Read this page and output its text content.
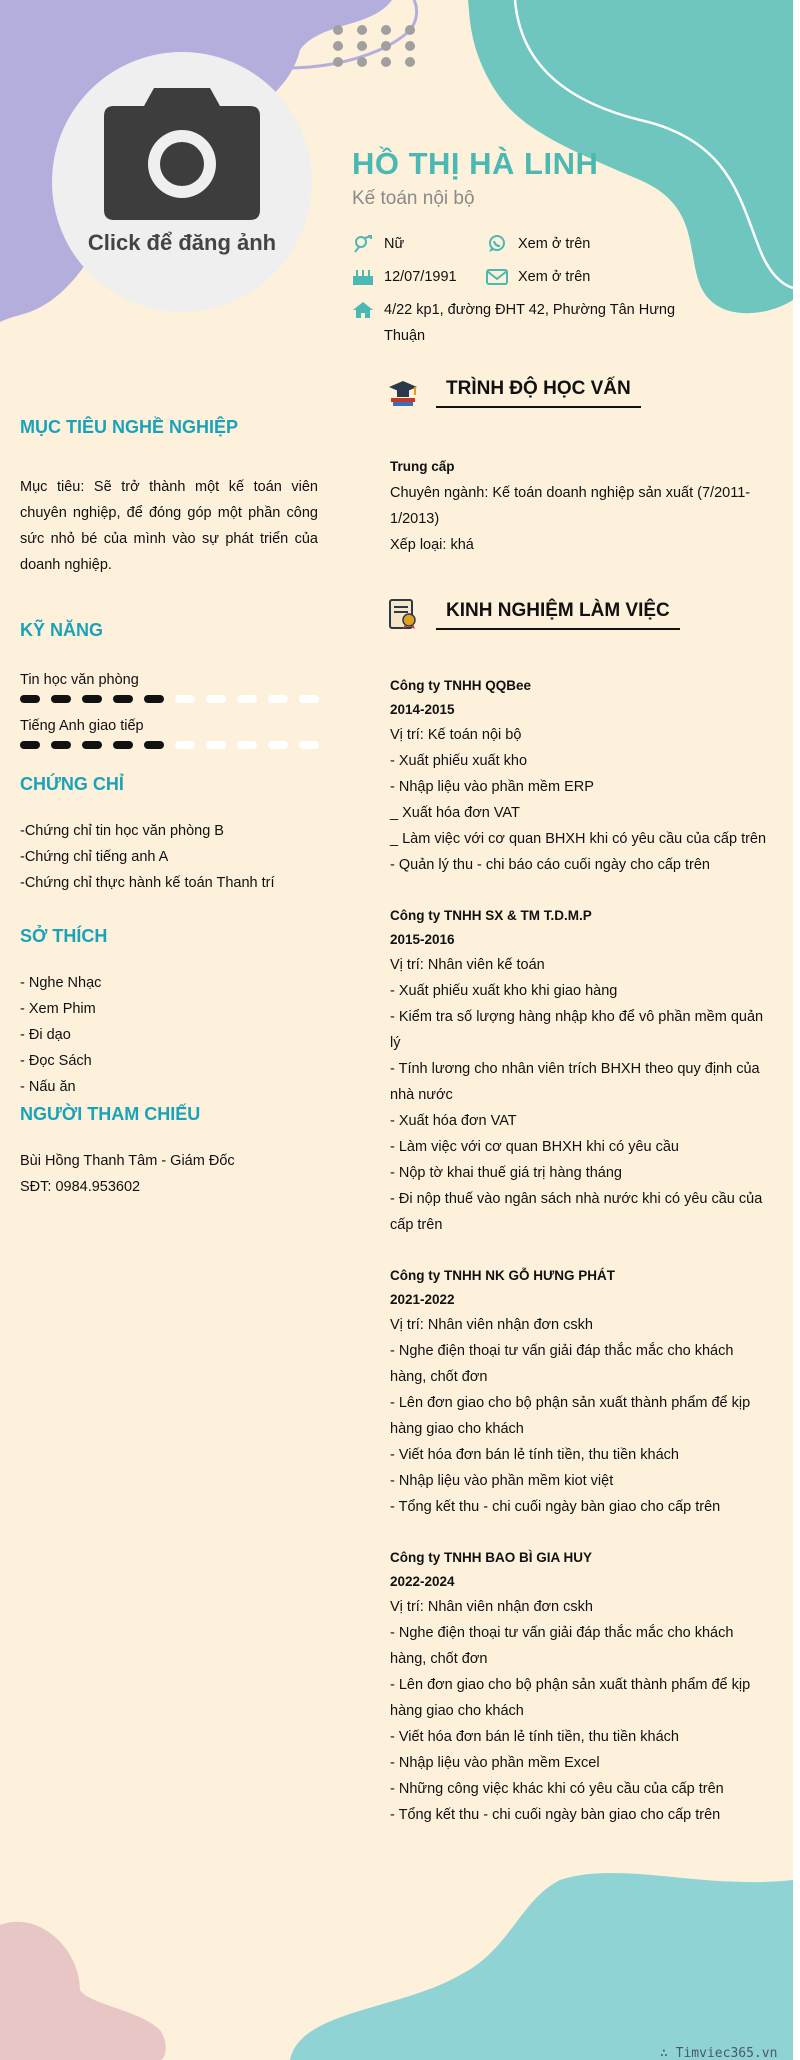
Click để đăng ảnh
HỒ THỊ HÀ LINH
Kế toán nội bộ
Nữ	Xem ở trên
12/07/1991	Xem ở trên
4/22 kp1, đường ĐHT 42, Phường Tân Hưng Thuận
MỤC TIÊU NGHỀ NGHIỆP
Mục tiêu: Sẽ trở thành một kế toán viên chuyên nghiệp, để đóng góp một phần công sức nhỏ bé của mình vào sự phát triển của doanh nghiệp.
KỸ NĂNG
Tin học văn phòng
Tiếng Anh giao tiếp
CHỨNG CHỈ
-Chứng chỉ tin học văn phòng B
-Chứng chỉ tiếng anh A
-Chứng chỉ thực hành kế toán Thanh trí
SỞ THÍCH
- Nghe Nhạc
- Xem Phim
- Đi dạo
- Đọc Sách
- Nấu ăn
NGƯỜI THAM CHIẾU
Bùi Hồng Thanh Tâm - Giám Đốc
SĐT: 0984.953602
TRÌNH ĐỘ HỌC VẤN
Trung cấp
Chuyên ngành: Kế toán doanh nghiệp sản xuất (7/2011-1/2013)
Xếp loại: khá
KINH NGHIỆM LÀM VIỆC
Công ty TNHH QQBee
2014-2015
Vị trí: Kế toán nội bộ
- Xuất phiếu xuất kho
- Nhập liệu vào phần mềm ERP
_ Xuất hóa đơn VAT
_ Làm việc với cơ quan BHXH khi có yêu cầu của cấp trên
- Quản lý thu - chi báo cáo cuối ngày cho cấp trên
Công ty TNHH SX & TM T.D.M.P
2015-2016
Vị trí: Nhân viên kế toán
- Xuất phiếu xuất kho khi giao hàng
- Kiểm tra số lượng hàng nhập kho để vô phần mềm quản lý
- Tính lương cho nhân viên trích BHXH theo quy định của nhà nước
- Xuất hóa đơn VAT
- Làm việc với cơ quan BHXH khi có yêu cầu
- Nộp tờ khai thuế giá trị hàng tháng
- Đi nộp thuế vào ngân sách nhà nước khi có yêu cầu của cấp trên
Công ty TNHH NK GỖ HƯNG PHÁT
2021-2022
Vị trí: Nhân viên nhận đơn cskh
- Nghe điện thoại tư vấn giải đáp thắc mắc cho khách hàng, chốt đơn
- Lên đơn giao cho bộ phận sản xuất thành phẩm để kịp hàng giao cho khách
- Viết hóa đơn bán lẻ tính tiền, thu tiền khách
- Nhập liệu vào phần mềm kiot việt
- Tổng kết thu - chi cuối ngày bàn giao cho cấp trên
Công ty TNHH BAO BÌ GIA HUY
2022-2024
Vị trí: Nhân viên nhận đơn cskh
- Nghe điện thoại tư vấn giải đáp thắc mắc cho khách hàng, chốt đơn
- Lên đơn giao cho bộ phận sản xuất thành phẩm để kịp hàng giao cho khách
- Viết hóa đơn bán lẻ tính tiền, thu tiền khách
- Nhập liệu vào phần mềm Excel
- Những công việc khác khi có yêu cầu của cấp trên
- Tổng kết thu - chi cuối ngày bàn giao cho cấp trên
∴ Timviec365.vn
